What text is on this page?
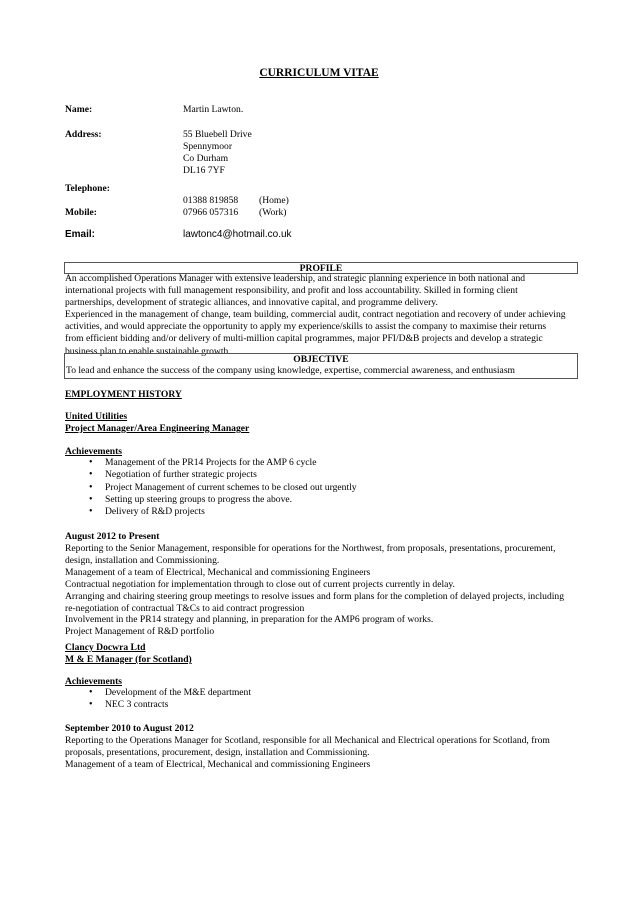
CURRICULUM VITAE
Name:	Martin Lawton.
Address:	55 Bluebell Drive
Spennymoor
Co Durham
DL16 7YF
Telephone:
01388 819858 (Home)
Mobile:	07966 057316 (Work)
Email:	lawtonc4@hotmail.co.uk
PROFILE

An accomplished Operations Manager with extensive leadership, and strategic planning experience in both national and

international projects with full management responsibility, and profit and loss accountability. Skilled in forming client

partnerships, development of strategic alliances, and innovative capital, and programme delivery.

Experienced in the management of change, team building, commercial audit, contract negotiation and recovery of under achieving

activities, and would appreciate the opportunity to apply my experience/skills to assist the company to maximise their returns

from efficient bidding and/or delivery of multi-million capital programmes, major PFI/D&B projects and develop a strategic

business plan to enable sustainable growth.

OBJECTIVE
To lead and enhance the success of the company using knowledge, expertise, commercial awareness, and enthusiasm
EMPLOYMENT HISTORY
United Utilities
Project Manager/Area Engineering Manager
Achievements
• Management of the PR14 Projects for the AMP 6 cycle
• Negotiation of further strategic projects
• Project Management of current schemes to be closed out urgently
• Setting up steering groups to progress the above.
• Delivery of R&D projects
August 2012 to Present
Reporting to the Senior Management, responsible for operations for the Northwest, from proposals, presentations, procurement,
design, installation and Commissioning.
Management of a team of Electrical, Mechanical and commissioning Engineers
Contractual negotiation for implementation through to close out of current projects currently in delay.
Arranging and chairing steering group meetings to resolve issues and form plans for the completion of delayed projects, including
re-negotiation of contractual T&Cs to aid contract progression
Involvement in the PR14 strategy and planning, in preparation for the AMP6 program of works.
Project Management of R&D portfolio
Clancy Docwra Ltd
M & E Manager (for Scotland)
Achievements
• Development of the M&E department
• NEC 3 contracts
September 2010 to August 2012
Reporting to the Operations Manager for Scotland, responsible for all Mechanical and Electrical operations for Scotland, from
proposals, presentations, procurement, design, installation and Commissioning.
Management of a team of Electrical, Mechanical and commissioning Engineers
